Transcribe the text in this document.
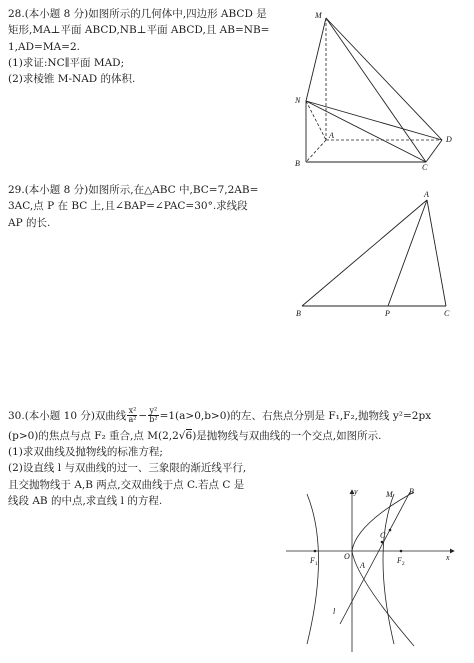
28.(本小题 8 分)如图所示的几何体中,四边形 ABCD 是
矩形,MA⊥平面 ABCD,NB⊥平面 ABCD,且 AB=NB=
1,AD=MA=2.
(1)求证:NC∥平面 MAD;
(2)求棱锥 M-NAD 的体积.
M
N
A
B	C
D
29.(本小题 8 分)如图所示,在△ABC 中,BC=7,2AB=
3AC,点 P 在 BC 上,且∠BAP=∠PAC=30°.求线段
AP 的长.
A
B	P	C
30.(本小题 10 分)双曲线 $\frac{\text{x²}}{\text{a²}} - \frac{\text{y²}}{\text{b²}} =1(a>0,b>0)$的左、右焦点分别是 F₁,F₂,抛物线 y²=2px
(p>0)的焦点与点 F₂ 重合,点 M(2,2√6)是抛物线与双曲线的一个交点,如图所示.
(1)求双曲线及抛物线的标准方程;
(2)设直线 l 与双曲线的过一、三象限的渐近线平行,
且交抛物线于 A,B 两点,交双曲线于点 C.若点 C 是
线段 AB 的中点,求直线 l 的方程.
x
y
O
$F_1$	$F_2$
M B
C
A
l
